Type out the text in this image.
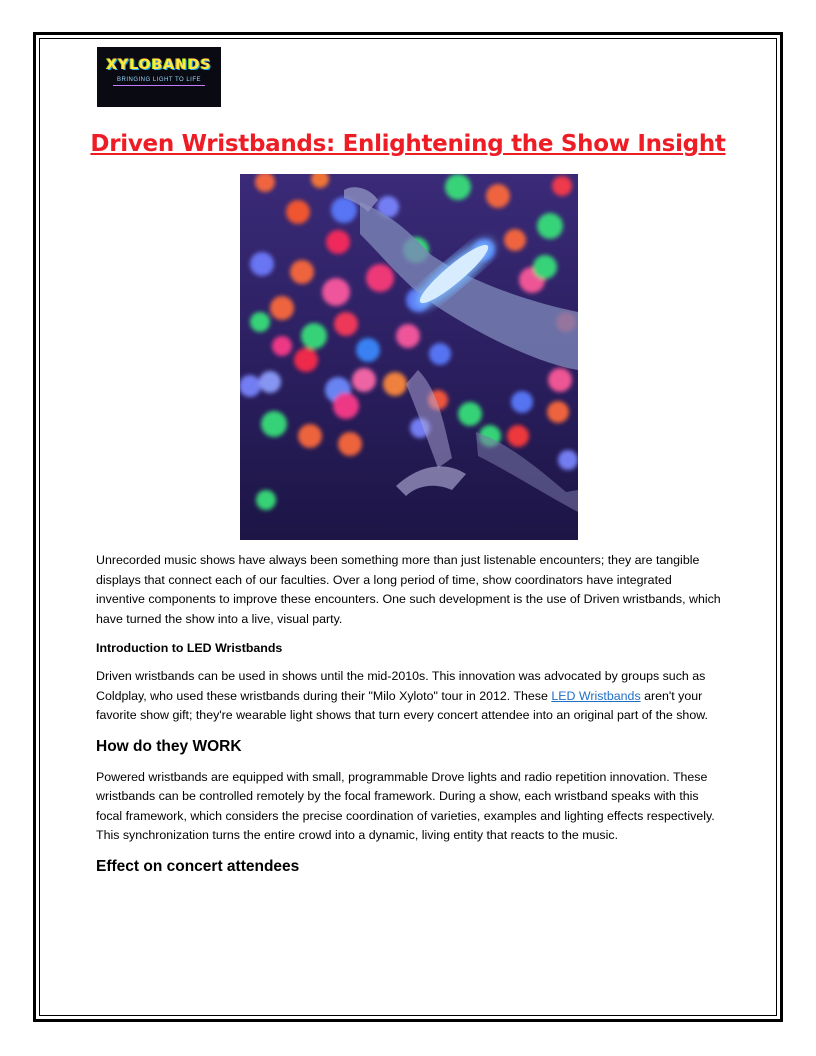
XYLOBANDS
BRINGING LIGHT TO LIFE
Driven Wristbands: Enlightening the Show Insight

Unrecorded music shows have always been something more than just listenable encounters; they are tangible displays that connect each of our faculties. Over a long period of time, show coordinators have integrated inventive components to improve these encounters. One such development is the use of Driven wristbands, which have turned the show into a live, visual party.

Introduction to LED Wristbands

Driven wristbands can be used in shows until the mid-2010s. This innovation was advocated by groups such as Coldplay, who used these wristbands during their "Milo Xyloto" tour in 2012. These LED Wristbands aren't your favorite show gift; they're wearable light shows that turn every concert attendee into an original part of the show.

How do they WORK

Powered wristbands are equipped with small, programmable Drove lights and radio repetition innovation. These wristbands can be controlled remotely by the focal framework. During a show, each wristband speaks with this focal framework, which considers the precise coordination of varieties, examples and lighting effects respectively. This synchronization turns the entire crowd into a dynamic, living entity that reacts to the music.

Effect on concert attendees
